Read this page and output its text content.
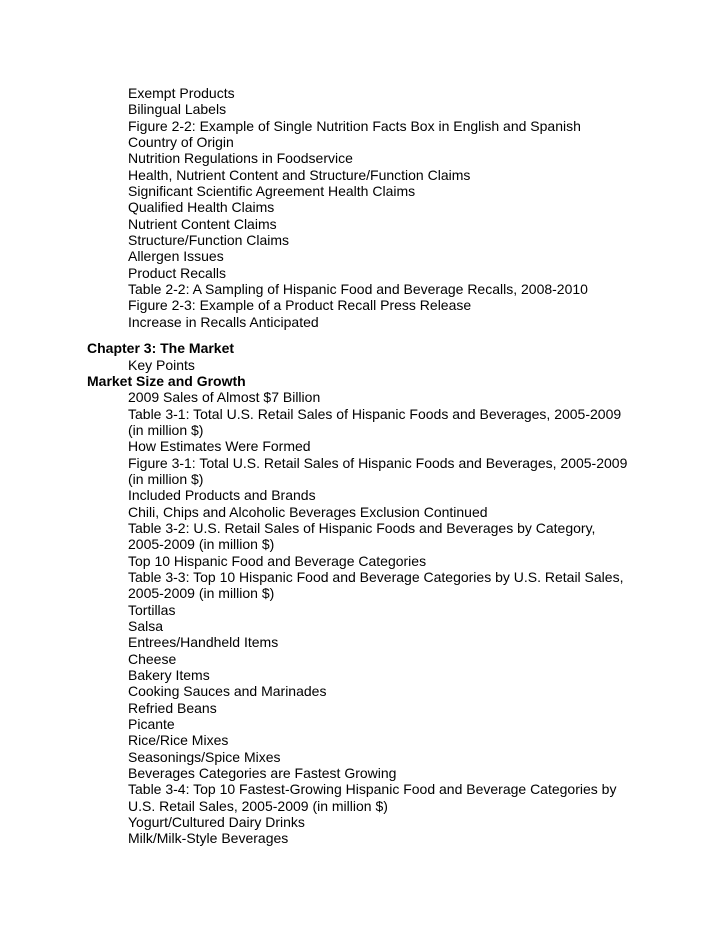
Exempt Products
Bilingual Labels
Figure 2-2: Example of Single Nutrition Facts Box in English and Spanish
Country of Origin
Nutrition Regulations in Foodservice
Health, Nutrient Content and Structure/Function Claims
Significant Scientific Agreement Health Claims
Qualified Health Claims
Nutrient Content Claims
Structure/Function Claims
Allergen Issues
Product Recalls
Table 2-2: A Sampling of Hispanic Food and Beverage Recalls, 2008-2010
Figure 2-3: Example of a Product Recall Press Release
Increase in Recalls Anticipated
Chapter 3: The Market
Key Points
Market Size and Growth
2009 Sales of Almost $7 Billion
Table 3-1: Total U.S. Retail Sales of Hispanic Foods and Beverages, 2005-2009
(in million $)
How Estimates Were Formed
Figure 3-1: Total U.S. Retail Sales of Hispanic Foods and Beverages, 2005-2009
(in million $)
Included Products and Brands
Chili, Chips and Alcoholic Beverages Exclusion Continued
Table 3-2: U.S. Retail Sales of Hispanic Foods and Beverages by Category,
2005-2009 (in million $)
Top 10 Hispanic Food and Beverage Categories
Table 3-3: Top 10 Hispanic Food and Beverage Categories by U.S. Retail Sales,
2005-2009 (in million $)
Tortillas
Salsa
Entrees/Handheld Items
Cheese
Bakery Items
Cooking Sauces and Marinades
Refried Beans
Picante
Rice/Rice Mixes
Seasonings/Spice Mixes
Beverages Categories are Fastest Growing
Table 3-4: Top 10 Fastest-Growing Hispanic Food and Beverage Categories by
U.S. Retail Sales, 2005-2009 (in million $)
Yogurt/Cultured Dairy Drinks
Milk/Milk-Style Beverages
